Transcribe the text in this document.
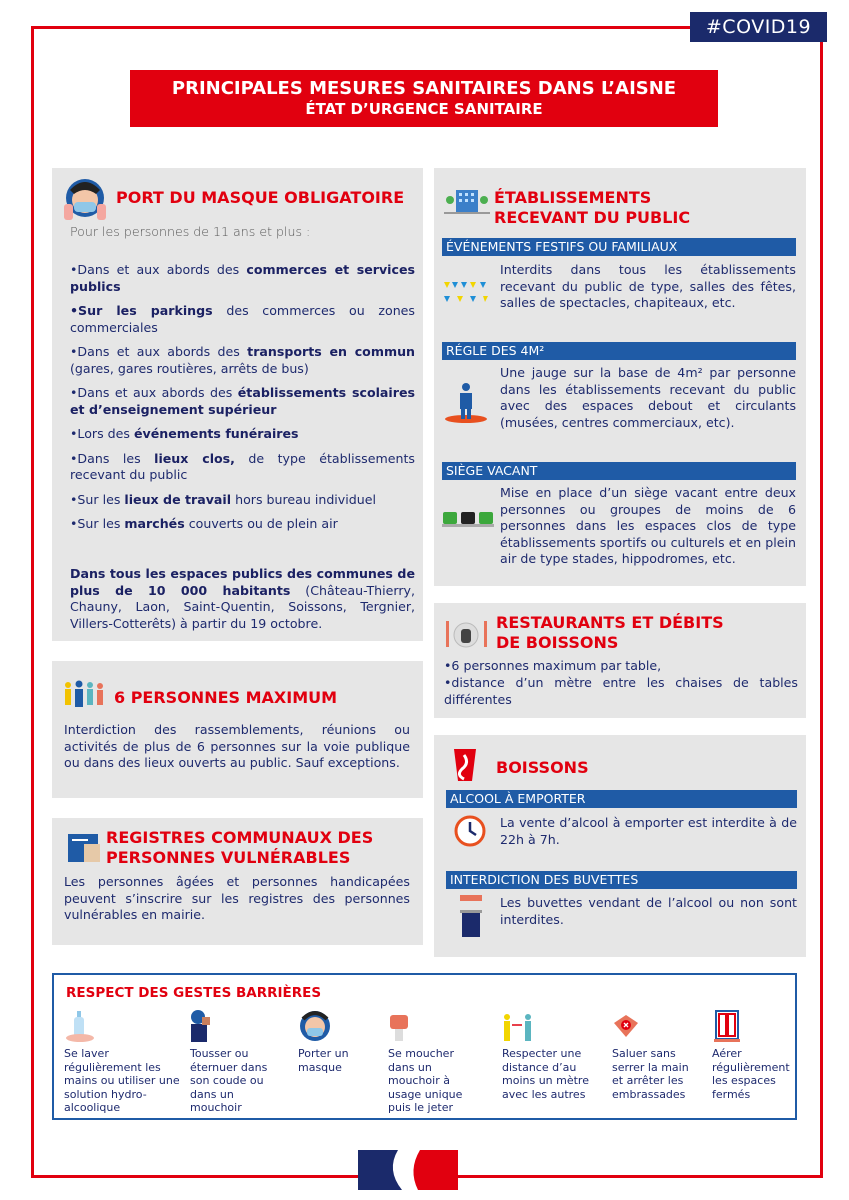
#COVID19
PRINCIPALES MESURES SANITAIRES DANS L’AISNE
ÉTAT D’URGENCE SANITAIRE
PORT DU MASQUE OBLIGATOIRE
Pour les personnes de 11 ans et plus :
•Dans et aux abords des commerces et services publics
•Sur les parkings des commerces ou zones commerciales
•Dans et aux abords des transports en commun (gares, gares routières, arrêts de bus)
•Dans et aux abords des établissements scolaires et d’enseignement supérieur
•Lors des événements funéraires
•Dans les lieux clos, de type établissements recevant du public
•Sur les lieux de travail hors bureau individuel
•Sur les marchés couverts ou de plein air
Dans tous les espaces publics des communes de plus de 10 000 habitants (Château-Thierry, Chauny, Laon, Saint-Quentin, Soissons, Tergnier, Villers-Cotterêts) à partir du 19 octobre.
6 PERSONNES MAXIMUM
Interdiction des rassemblements, réunions ou activités de plus de 6 personnes sur la voie publique ou dans des lieux ouverts au public. Sauf exceptions.
REGISTRES COMMUNAUX DES
PERSONNES VULNÉRABLES
Les personnes âgées et personnes handicapées peuvent s’inscrire sur les registres des personnes vulnérables en mairie.
ÉTABLISSEMENTS
RECEVANT DU PUBLIC
ÉVÉNEMENTS FESTIFS OU FAMILIAUX
Interdits dans tous les établissements recevant du public de type, salles des fêtes, salles de spectacles, chapiteaux, etc.
RÉGLE DES 4M²
Une jauge sur la base de 4m² par personne dans les établissements recevant du public avec des espaces debout et circulants (musées, centres commerciaux, etc).
SIÈGE VACANT
Mise en place d’un siège vacant entre deux personnes ou groupes de moins de 6 personnes dans les espaces clos de type établissements sportifs ou culturels et en plein air de type stades, hippodromes, etc.
RESTAURANTS ET DÉBITS
DE BOISSONS
•6 personnes maximum par table,
•distance d’un mètre entre les chaises de tables différentes
BOISSONS
ALCOOL À EMPORTER
La vente d’alcool à emporter est interdite à de 22h à 7h.
INTERDICTION DES BUVETTES
Les buvettes vendant de l’alcool ou non sont interdites.
RESPECT DES GESTES BARRIÈRES
Se laver régulièrement les mains ou utiliser une solution hydro-alcoolique
Tousser ou éternuer dans son coude ou dans un mouchoir
Porter un masque
Se moucher dans un mouchoir à usage unique puis le jeter
Respecter une distance d’au moins un mètre avec les autres
Saluer sans serrer la main et arrêter les embrassades
Aérer régulièrement les espaces fermés
